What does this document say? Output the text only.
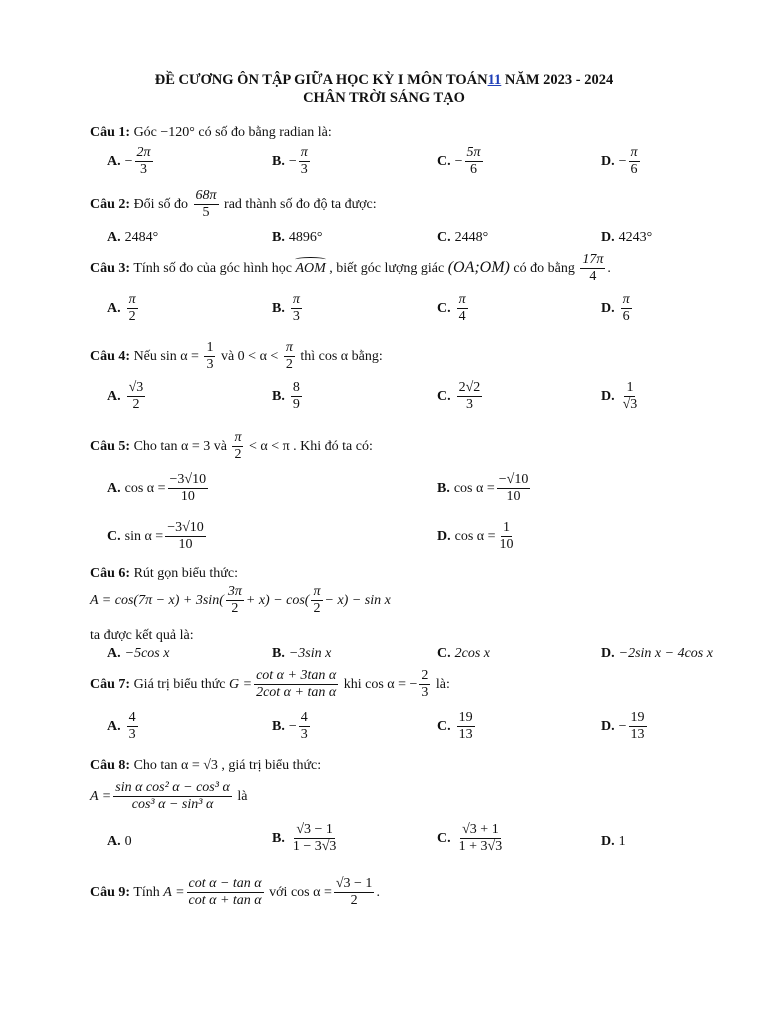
ĐỀ CƯƠNG ÔN TẬP GIỮA HỌC KỲ I MÔN TOÁN11 NĂM 2023 - 2024
CHÂN TRỜI SÁNG TẠO
Câu 1: Góc −120° có số đo bằng radian là:
A. − $\frac{2\pi}{3}$	B. − $\frac{\pi}{3}$	C. − $\frac{5\pi}{6}$	D. − $\frac{\pi}{6}$
Câu 2: Đổi số đo $\frac{68\pi}{5}$ rad thành số đo độ ta được:
A. 2484°	B. 4896°	C. 2448°	D. 4243°
Câu 3: Tính số đo của góc hình học AOM , biết góc lượng giác (OA;OM) có đo bằng $\frac{17\pi}{4}$ .
A. $\frac{\pi}{2}$	B. $\frac{\pi}{3}$	C. $\frac{\pi}{4}$	D. $\frac{\pi}{6}$
Câu 4: Nếu $\sin \alpha = \frac{1}{3}$ và $0 < \alpha < \frac{\pi}{2}$ thì cos α bằng:
A. $\frac{√3}{2}$	B. $\frac{8}{9}$	C. $\frac{2√2}{3}$	D. $\frac{1}{√3}$
Câu 5: Cho tan α = 3 và $\frac{\pi}{2} < \alpha < \pi$ . Khi đó ta có:
A. $\cos \alpha = \frac{-3√10}{10}$	B. $\cos \alpha = \frac{-√10}{10}$
C. $\sin \alpha = \frac{-3√10}{10}$	D. $\cos \alpha = \frac{1}{10}$
Câu 6: Rút gọn biểu thức:
$A = \cos(7\pi - x) + 3\sin( \frac{3\pi}{2} + x) - \cos( \frac{\pi}{2} - x) - \sin x$
ta được kết quả là:
A. −5cos x	B. −3sin x	C. 2cos x	D. −2sin x − 4cos x
Câu 7: Giá trị biểu thức $G = \frac{\text{cot α + 3tan α}}{\text{2cot α + tan α}}$ khi cos α = − $\frac{2}{3}$ là:
A. $\frac{4}{3}$	B. − $\frac{4}{3}$	C. $\frac{19}{13}$	D. − $\frac{19}{13}$
Câu 8: Cho tan α = √3 , giá trị biểu thức:
$A = \frac{\text{sin α cos² α − cos³ α}}{\text{cos³ α − sin³ α}}$ là
A. 0	B. $\frac{√3 - 1}{1 - 3√3}$	C. $\frac{√3 + 1}{1 + 3√3}$	D. 1
Câu 9: Tính $A = \frac{\text{cot α − tan α}}{\text{cot α + tan α}}$ với $\cos \alpha = \frac{√3 - 1}{2}$ .
